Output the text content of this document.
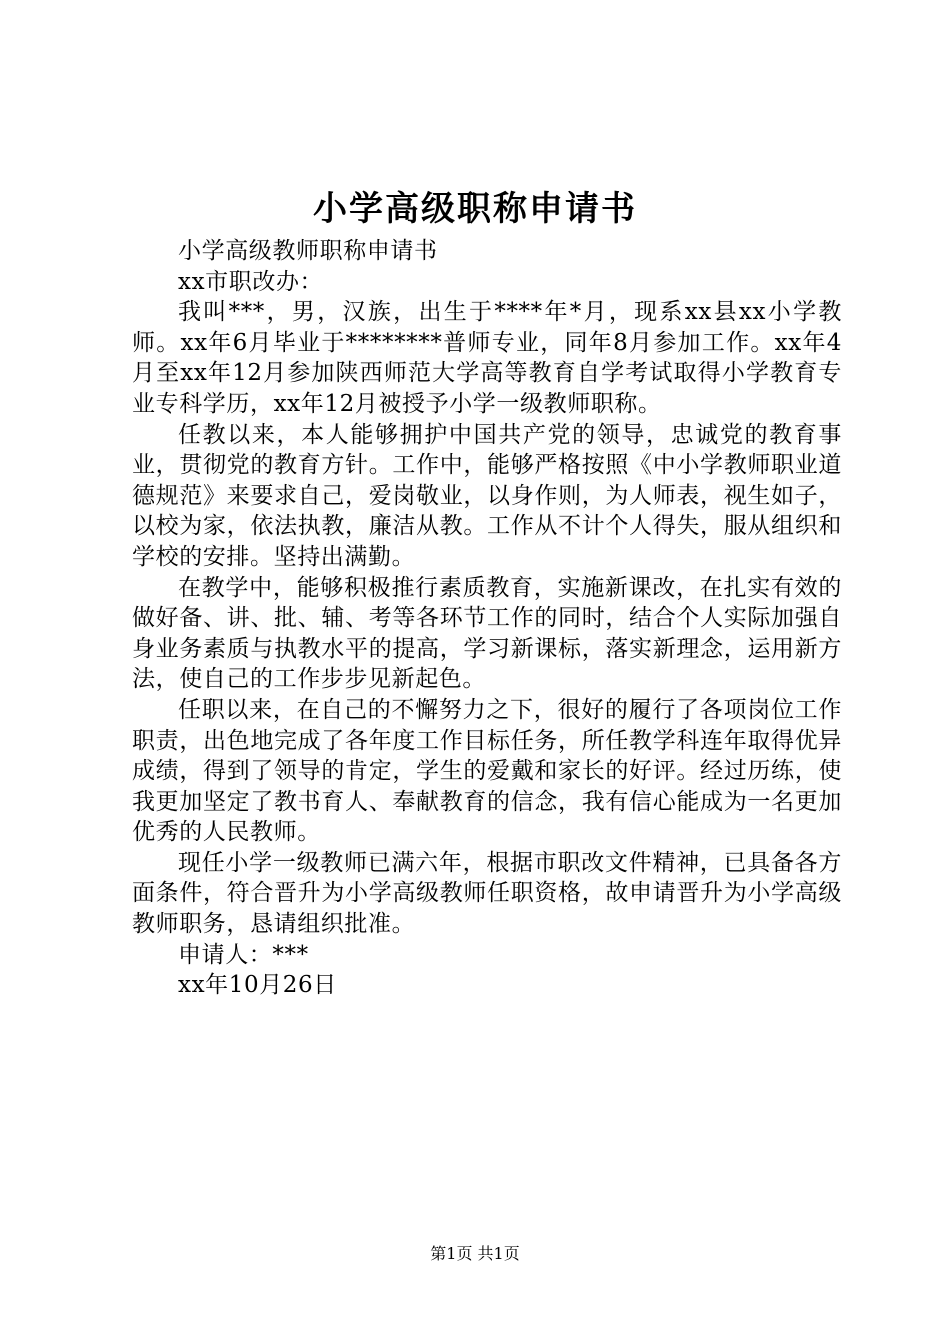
小学高级职称申请书

小学高级教师职称申请书

xx市职改办：

我叫***，男，汉族，出生于****年*月，现系xx县xx小学教师。xx年6月毕业于********普师专业，同年8月参加工作。xx年4月至xx年12月参加陕西师范大学高等教育自学考试取得小学教育专业专科学历，xx年12月被授予小学一级教师职称。

任教以来，本人能够拥护中国共产党的领导，忠诚党的教育事业，贯彻党的教育方针。工作中，能够严格按照《中小学教师职业道德规范》来要求自己，爱岗敬业，以身作则，为人师表，视生如子，以校为家，依法执教，廉洁从教。工作从不计个人得失，服从组织和学校的安排。坚持出满勤。

在教学中，能够积极推行素质教育，实施新课改，在扎实有效的做好备、讲、批、辅、考等各环节工作的同时，结合个人实际加强自身业务素质与执教水平的提高，学习新课标，落实新理念，运用新方法，使自己的工作步步见新起色。

任职以来，在自己的不懈努力之下，很好的履行了各项岗位工作职责，出色地完成了各年度工作目标任务，所任教学科连年取得优异成绩，得到了领导的肯定，学生的爱戴和家长的好评。经过历练，使我更加坚定了教书育人、奉献教育的信念，我有信心能成为一名更加优秀的人民教师。

现任小学一级教师已满六年，根据市职改文件精神，已具备各方面条件，符合晋升为小学高级教师任职资格，故申请晋升为小学高级教师职务，恳请组织批准。

申请人：***

xx年10月26日

第1页 共1页
